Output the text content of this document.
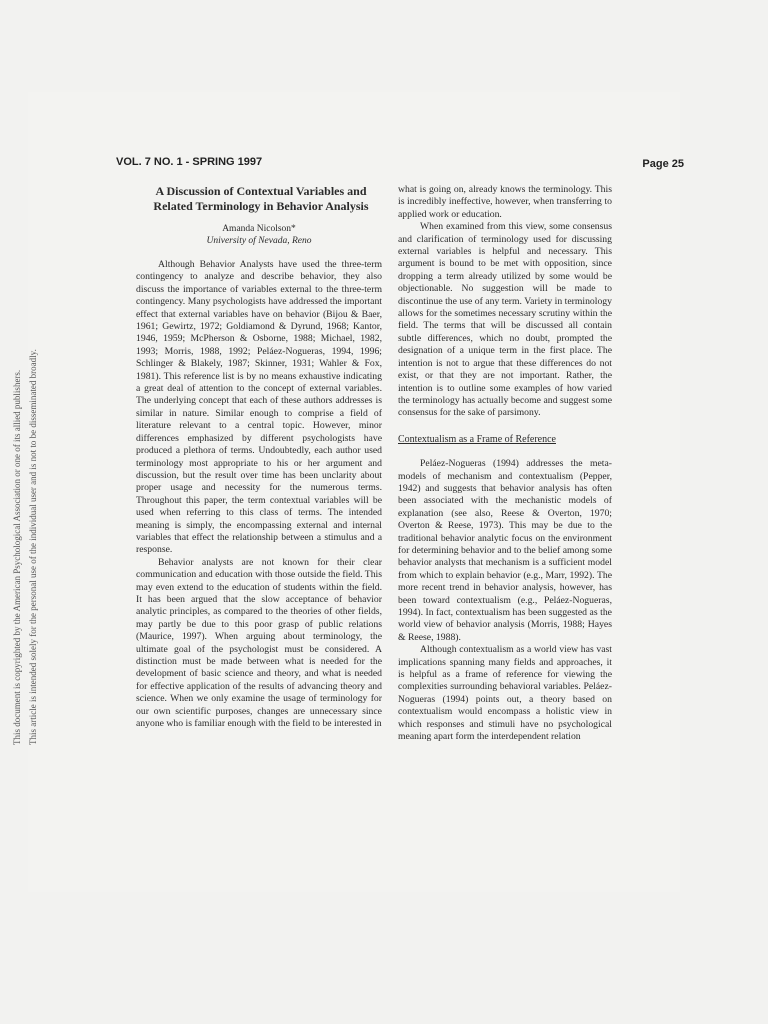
This document is copyrighted by the American Psychological Association or one of its allied publishers. This article is intended solely for the personal use of the individual user and is not to be disseminated broadly.
VOL. 7 NO. 1 - SPRING 1997	Page 25
A Discussion of Contextual Variables and Related Terminology in Behavior Analysis

Amanda Nicolson*

University of Nevada, Reno

Although Behavior Analysts have used the three-term contingency to analyze and describe behavior, they also discuss the importance of variables external to the three-term contingency. Many psychologists have addressed the important effect that external variables have on behavior (Bijou & Baer, 1961; Gewirtz, 1972; Goldiamond & Dyrund, 1968; Kantor, 1946, 1959; McPherson & Osborne, 1988; Michael, 1982, 1993; Morris, 1988, 1992; Peláez-Nogueras, 1994, 1996; Schlinger & Blakely, 1987; Skinner, 1931; Wahler & Fox, 1981). This reference list is by no means exhaustive indicating a great deal of attention to the concept of external variables. The underlying concept that each of these authors addresses is similar in nature. Similar enough to comprise a field of literature relevant to a central topic. However, minor differences emphasized by different psychologists have produced a plethora of terms. Undoubtedly, each author used terminology most appropriate to his or her argument and discussion, but the result over time has been unclarity about proper usage and necessity for the numerous terms. Throughout this paper, the term contextual variables will be used when referring to this class of terms. The intended meaning is simply, the encompassing external and internal variables that effect the relationship between a stimulus and a response.

Behavior analysts are not known for their clear communication and education with those outside the field. This may even extend to the education of students within the field. It has been argued that the slow acceptance of behavior analytic principles, as compared to the theories of other fields, may partly be due to this poor grasp of public relations (Maurice, 1997). When arguing about terminology, the ultimate goal of the psychologist must be considered. A distinction must be made between what is needed for the development of basic science and theory, and what is needed for effective application of the results of advancing theory and science. When we only examine the usage of terminology for our own scientific purposes, changes are unnecessary since anyone who is familiar enough with the field to be interested in

what is going on, already knows the terminology. This is incredibly ineffective, however, when transferring to applied work or education.

When examined from this view, some consensus and clarification of terminology used for discussing external variables is helpful and necessary. This argument is bound to be met with opposition, since dropping a term already utilized by some would be objectionable. No suggestion will be made to discontinue the use of any term. Variety in terminology allows for the sometimes necessary scrutiny within the field. The terms that will be discussed all contain subtle differences, which no doubt, prompted the designation of a unique term in the first place. The intention is not to argue that these differences do not exist, or that they are not important. Rather, the intention is to outline some examples of how varied the terminology has actually become and suggest some consensus for the sake of parsimony.

Contextualism as a Frame of Reference

Peláez-Nogueras (1994) addresses the meta-models of mechanism and contextualism (Pepper, 1942) and suggests that behavior analysis has often been associated with the mechanistic models of explanation (see also, Reese & Overton, 1970; Overton & Reese, 1973). This may be due to the traditional behavior analytic focus on the environment for determining behavior and to the belief among some behavior analysts that mechanism is a sufficient model from which to explain behavior (e.g., Marr, 1992). The more recent trend in behavior analysis, however, has been toward contextualism (e.g., Peláez-Nogueras, 1994). In fact, contextualism has been suggested as the world view of behavior analysis (Morris, 1988; Hayes & Reese, 1988).

Although contextualism as a world view has vast implications spanning many fields and approaches, it is helpful as a frame of reference for viewing the complexities surrounding behavioral variables. Peláez-Nogueras (1994) points out, a theory based on contextualism would encompass a holistic view in which responses and stimuli have no psychological meaning apart form the interdependent relation
